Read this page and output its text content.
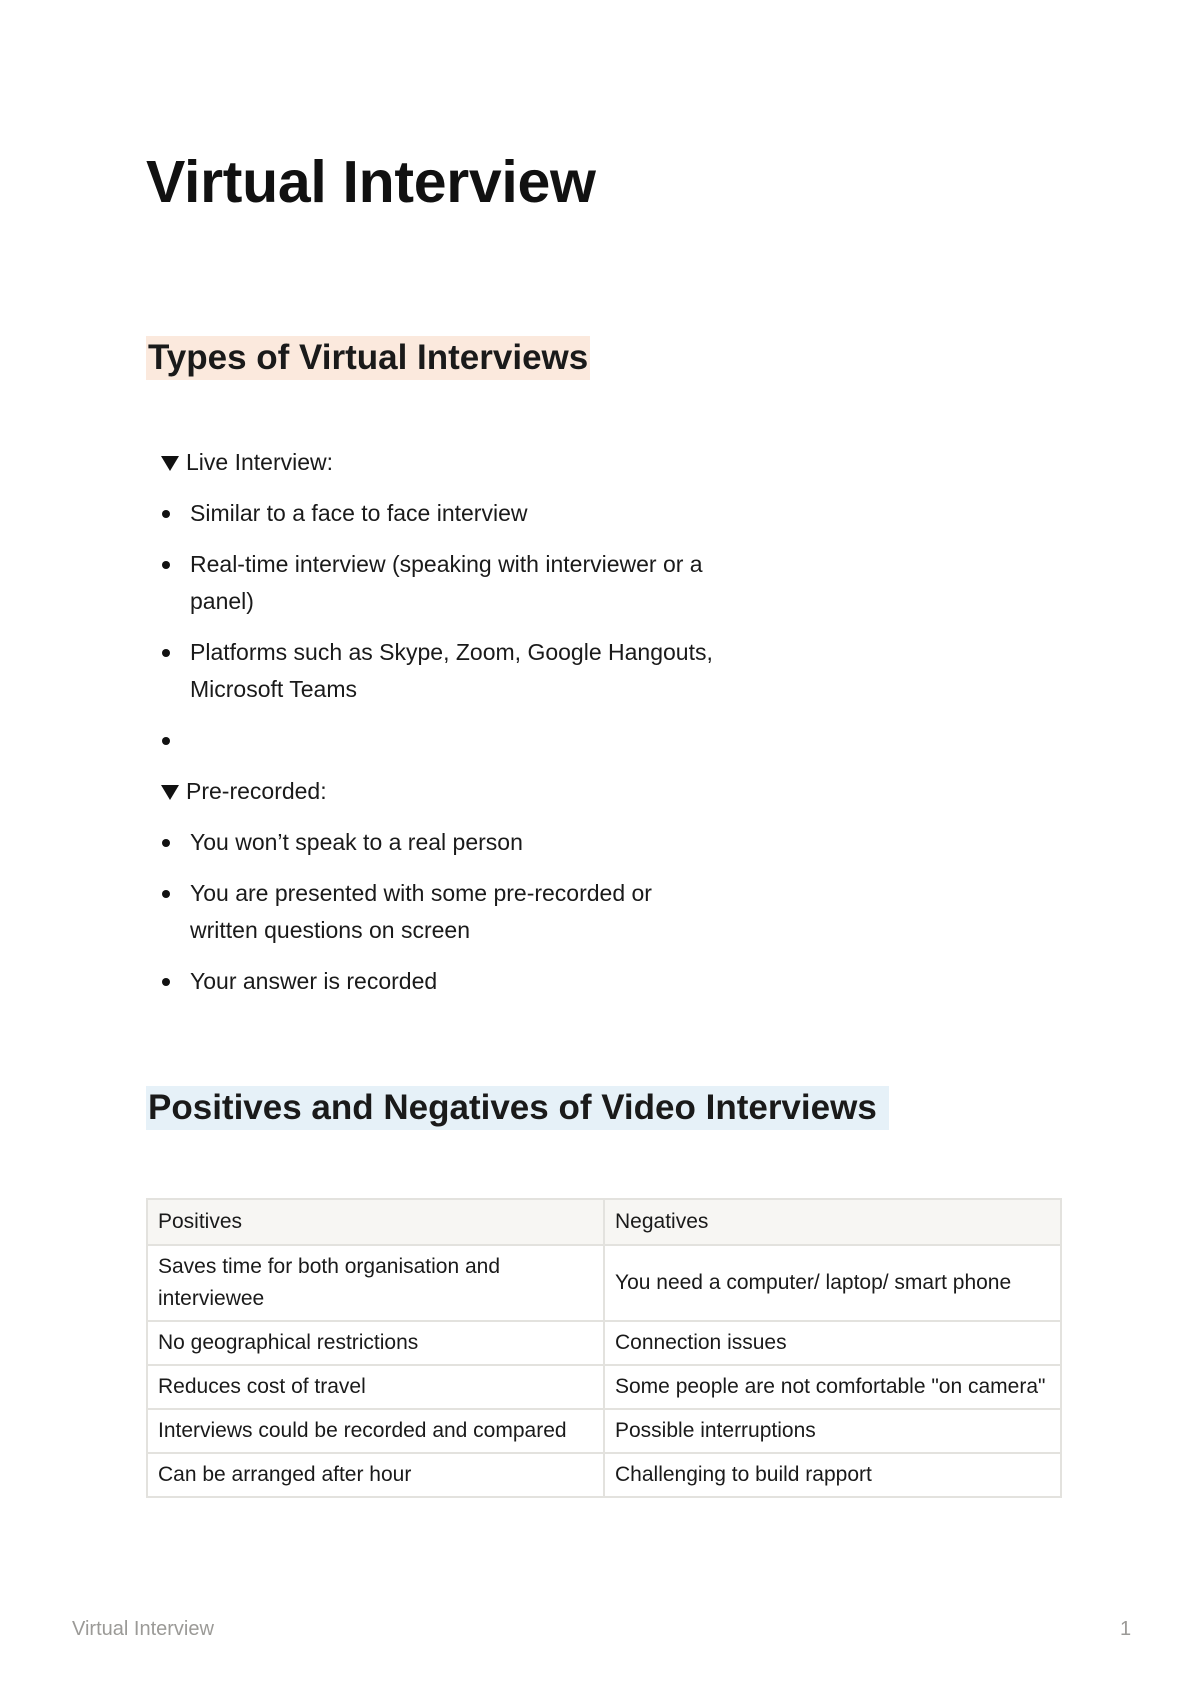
Virtual Interview
Types of Virtual Interviews
Live Interview:
Similar to a face to face interview
Real-time interview (speaking with interviewer or a panel)
Platforms such as Skype, Zoom, Google Hangouts, Microsoft Teams
Pre-recorded:
You won’t speak to a real person
You are presented with some pre-recorded or written questions on screen
Your answer is recorded
Positives and Negatives of Video Interviews
Positives	Negatives
Saves time for both organisation and interviewee	You need a computer/ laptop/ smart phone
No geographical restrictions	Connection issues
Reduces cost of travel	Some people are not comfortable "on camera"
Interviews could be recorded and compared	Possible interruptions
Can be arranged after hour	Challenging to build rapport
Virtual Interview	1
